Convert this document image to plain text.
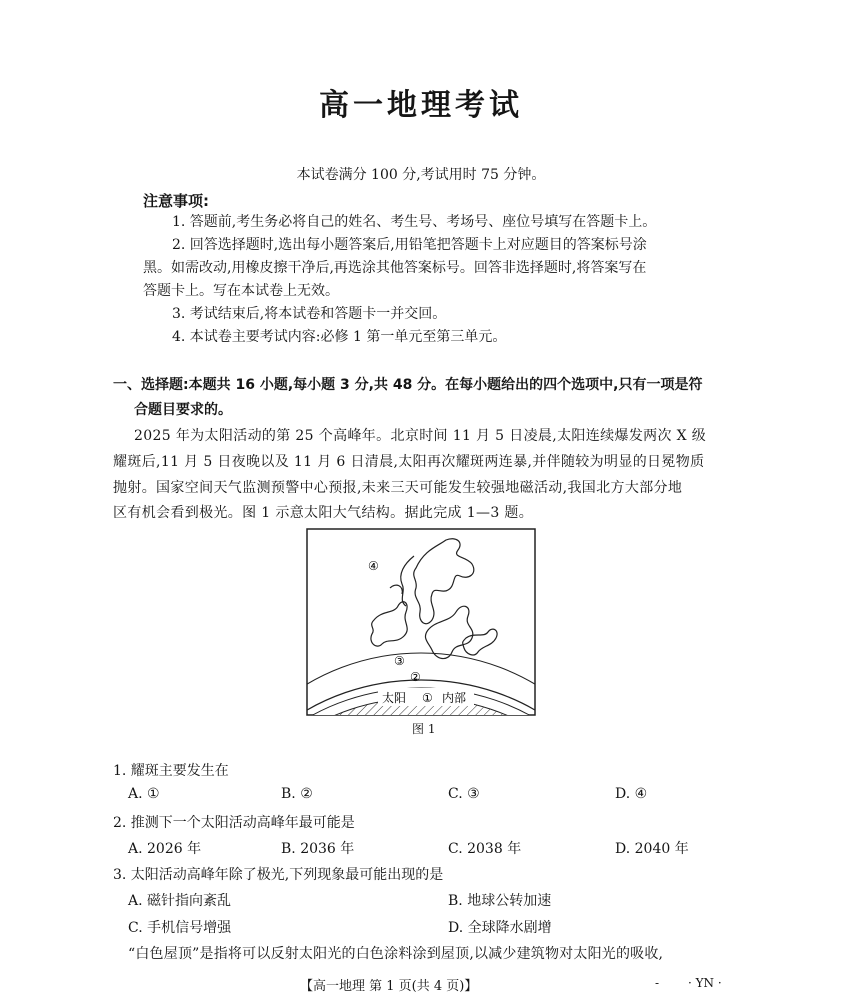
高一地理考试
本试卷满分 100 分,考试用时 75 分钟。
注意事项:
1. 答题前,考生务必将自己的姓名、考生号、考场号、座位号填写在答题卡上。
2. 回答选择题时,选出每小题答案后,用铅笔把答题卡上对应题目的答案标号涂
黑。如需改动,用橡皮擦干净后,再选涂其他答案标号。回答非选择题时,将答案写在
答题卡上。写在本试卷上无效。
3. 考试结束后,将本试卷和答题卡一并交回。
4. 本试卷主要考试内容:必修 1 第一单元至第三单元。
一、选择题:本题共 16 小题,每小题 3 分,共 48 分。在每小题给出的四个选项中,只有一项是符
合题目要求的。
2025 年为太阳活动的第 25 个高峰年。北京时间 11 月 5 日凌晨,太阳连续爆发两次 X 级
耀斑后,11 月 5 日夜晚以及 11 月 6 日清晨,太阳再次耀斑两连暴,并伴随较为明显的日冕物质
抛射。国家空间天气监测预警中心预报,未来三天可能发生较强地磁活动,我国北方大部分地
区有机会看到极光。图 1 示意太阳大气结构。据此完成 1—3 题。
④
③
②
太阳 ① 内部
图 1
1. 耀斑主要发生在
A. ①	B. ②	C. ③	D. ④
2. 推测下一个太阳活动高峰年最可能是
A. 2026 年	B. 2036 年	C. 2038 年	D. 2040 年
3. 太阳活动高峰年除了极光,下列现象最可能出现的是
A. 磁针指向紊乱	B. 地球公转加速
C. 手机信号增强	D. 全球降水剧增
“白色屋顶”是指将可以反射太阳光的白色涂料涂到屋顶,以减少建筑物对太阳光的吸收,
【高一地理 第 1 页(共 4 页)】	- · YN ·
